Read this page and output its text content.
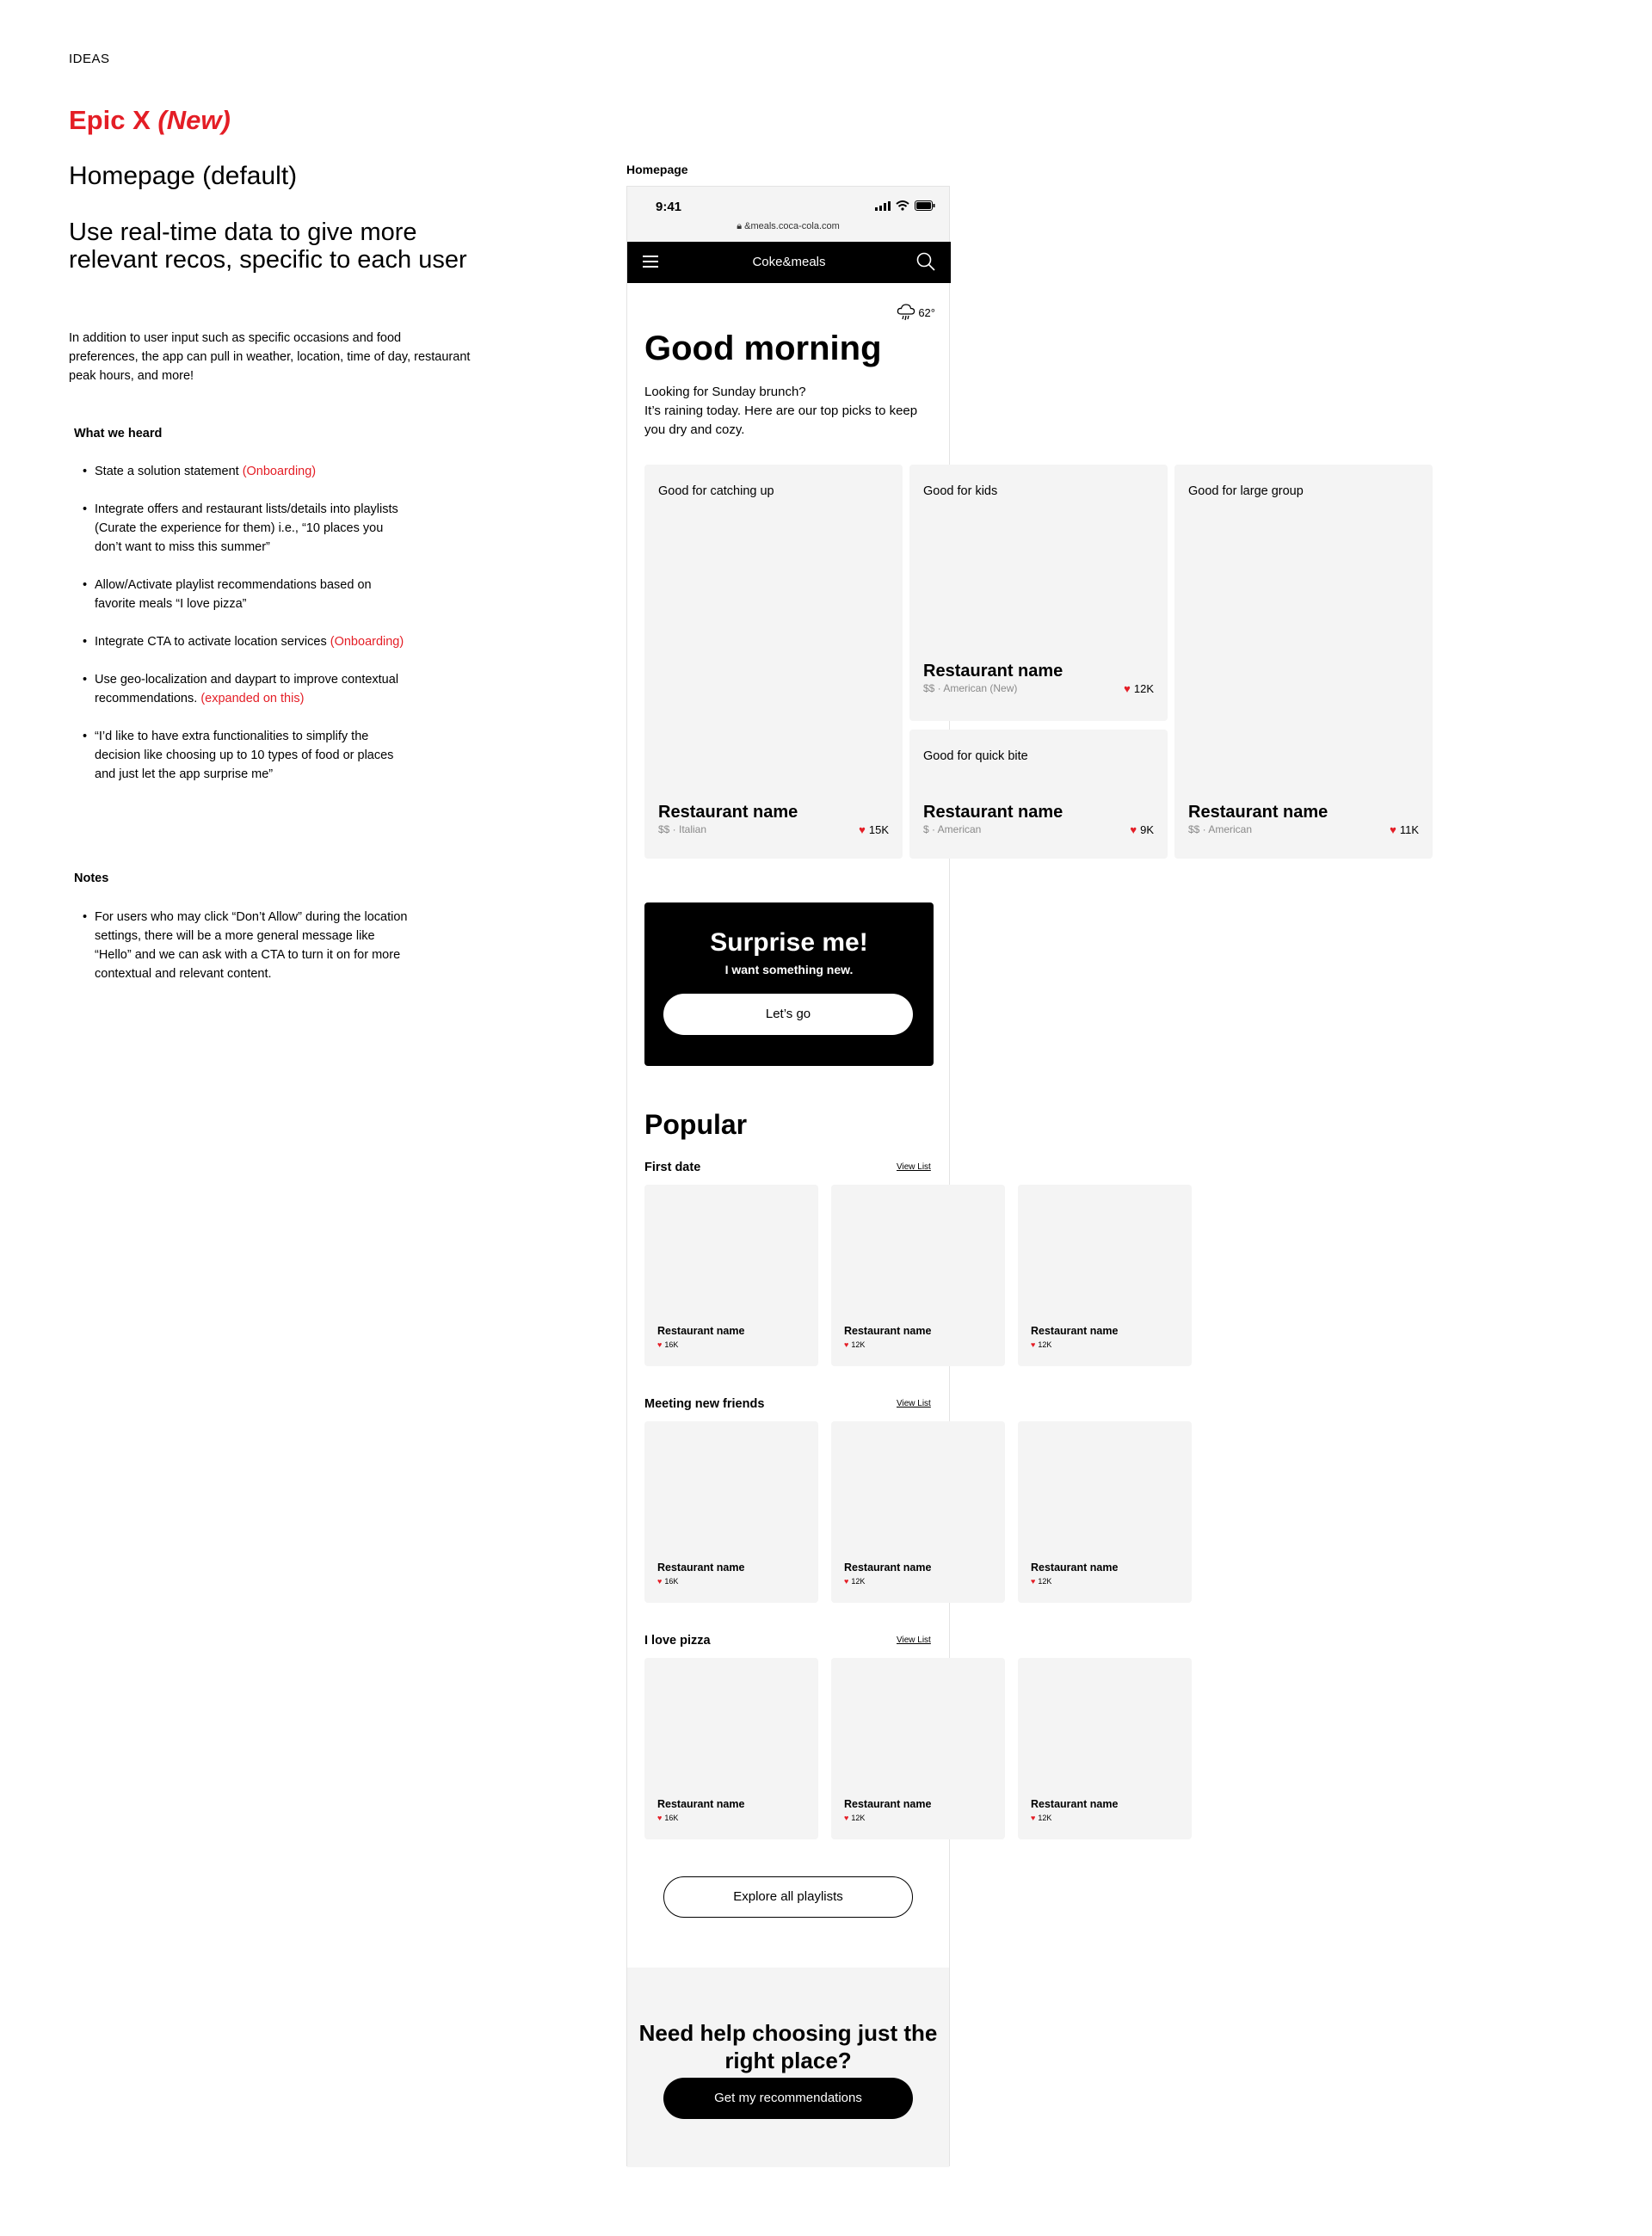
IDEAS
Epic X (New)
Homepage (default)
Use real-time data to give more relevant recos, specific to each user
In addition to user input such as specific occasions and food preferences, the app can pull in weather, location, time of day, restaurant peak hours, and more!
What we heard
• State a solution statement (Onboarding)
• Integrate offers and restaurant lists/details into playlists (Curate the experience for them) i.e., “10 places you don’t want to miss this summer”
• Allow/Activate playlist recommendations based on favorite meals “I love pizza”
• Integrate CTA to activate location services (Onboarding)
• Use geo-localization and daypart to improve contextual recommendations. (expanded on this)
• “I’d like to have extra functionalities to simplify the decision like choosing up to 10 types of food or places and just let the app surprise me”
Notes
• For users who may click “Don’t Allow” during the location settings, there will be a more general message like “Hello” and we can ask with a CTA to turn it on for more contextual and relevant content.
Homepage
9:41
🔒︎ &meals.coca-cola.com
Coke&meals
62°
Good morning
Looking for Sunday brunch?
It’s raining today. Here are our top picks to keep you dry and cozy.
Good for catching up
Restaurant name
$$ · Italian	♥ 15K
Good for kids
Restaurant name
$$ · American (New)	♥ 12K
Good for quick bite
Restaurant name
$ · American	♥ 9K
Good for large group
Restaurant name
$$ · American	♥ 11K
Surprise me!
I want something new.
Let’s go
Popular
First date	View List
Restaurant name
♥ 16K
Restaurant name
♥ 12K
Restaurant name
♥ 12K
Meeting new friends	View List
Restaurant name
♥ 16K
Restaurant name
♥ 12K
Restaurant name
♥ 12K
I love pizza	View List
Restaurant name
♥ 16K
Restaurant name
♥ 12K
Restaurant name
♥ 12K
Explore all playlists
Need help choosing just the right place?
Get my recommendations
